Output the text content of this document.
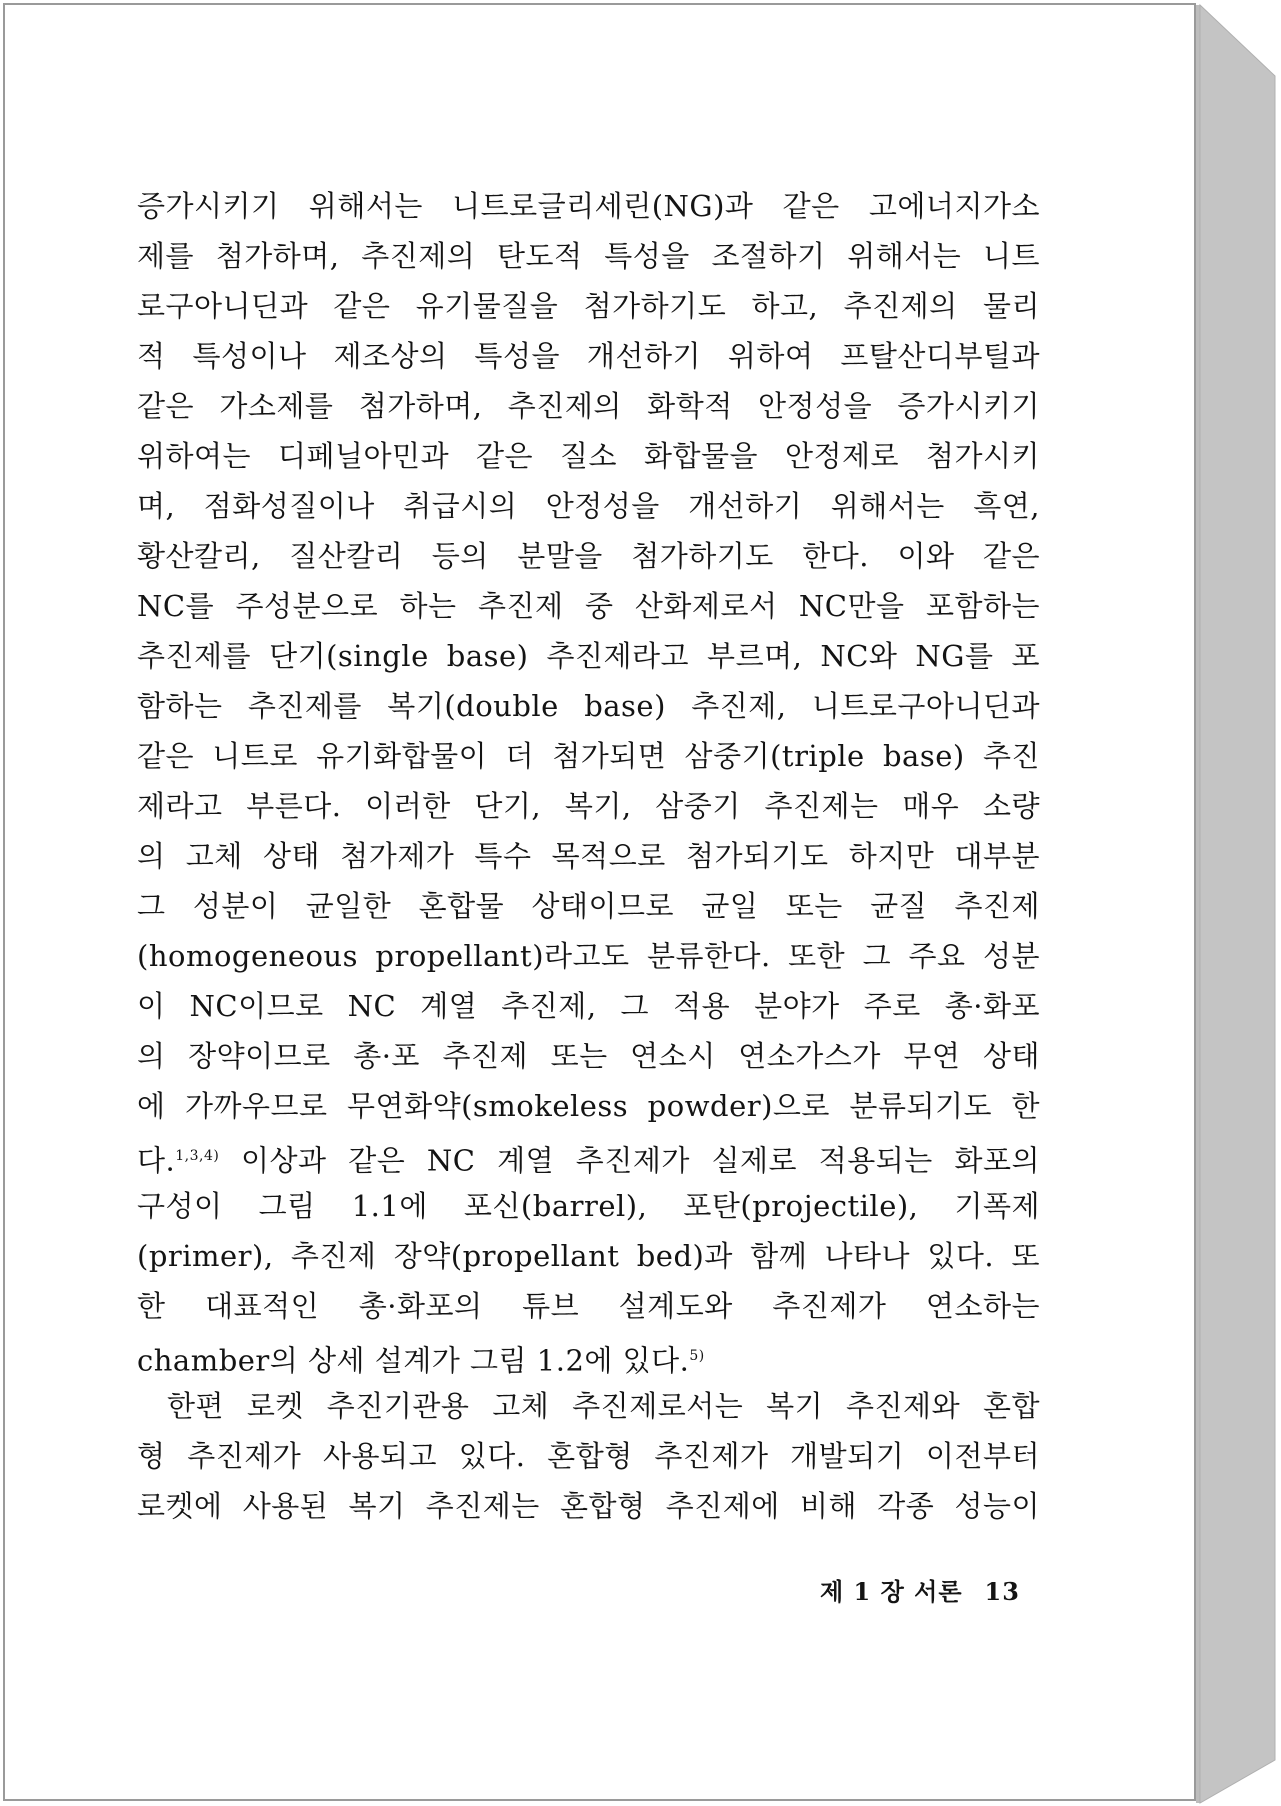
증가시키기 위해서는 니트로글리세린(NG)과 같은 고에너지가소
제를 첨가하며, 추진제의 탄도적 특성을 조절하기 위해서는 니트
로구아니딘과 같은 유기물질을 첨가하기도 하고, 추진제의 물리
적 특성이나 제조상의 특성을 개선하기 위하여 프탈산디부틸과
같은 가소제를 첨가하며, 추진제의 화학적 안정성을 증가시키기
위하여는 디페닐아민과 같은 질소 화합물을 안정제로 첨가시키
며, 점화성질이나 취급시의 안정성을 개선하기 위해서는 흑연,
황산칼리, 질산칼리 등의 분말을 첨가하기도 한다. 이와 같은
NC를 주성분으로 하는 추진제 중 산화제로서 NC만을 포함하는
추진제를 단기(single base) 추진제라고 부르며, NC와 NG를 포
함하는 추진제를 복기(double base) 추진제, 니트로구아니딘과
같은 니트로 유기화합물이 더 첨가되면 삼중기(triple base) 추진
제라고 부른다. 이러한 단기, 복기, 삼중기 추진제는 매우 소량
의 고체 상태 첨가제가 특수 목적으로 첨가되기도 하지만 대부분
그 성분이 균일한 혼합물 상태이므로 균일 또는 균질 추진제
(homogeneous propellant)라고도 분류한다. 또한 그 주요 성분
이 NC이므로 NC 계열 추진제, 그 적용 분야가 주로 총·화포
의 장약이므로 총·포 추진제 또는 연소시 연소가스가 무연 상태
에 가까우므로 무연화약(smokeless powder)으로 분류되기도 한
다.$^{1,3,4)}$ 이상과 같은 NC 계열 추진제가 실제로 적용되는 화포의
구성이 그림 1.1에 포신(barrel), 포탄(projectile), 기폭제
(primer), 추진제 장약(propellant bed)과 함께 나타나 있다. 또
한 대표적인 총·화포의 튜브 설계도와 추진제가 연소하는
chamber의 상세 설계가 그림 1.2에 있다.$^{5)}$
한편 로켓 추진기관용 고체 추진제로서는 복기 추진제와 혼합
형 추진제가 사용되고 있다. 혼합형 추진제가 개발되기 이전부터
로켓에 사용된 복기 추진제는 혼합형 추진제에 비해 각종 성능이
제 1 장 서론 13
